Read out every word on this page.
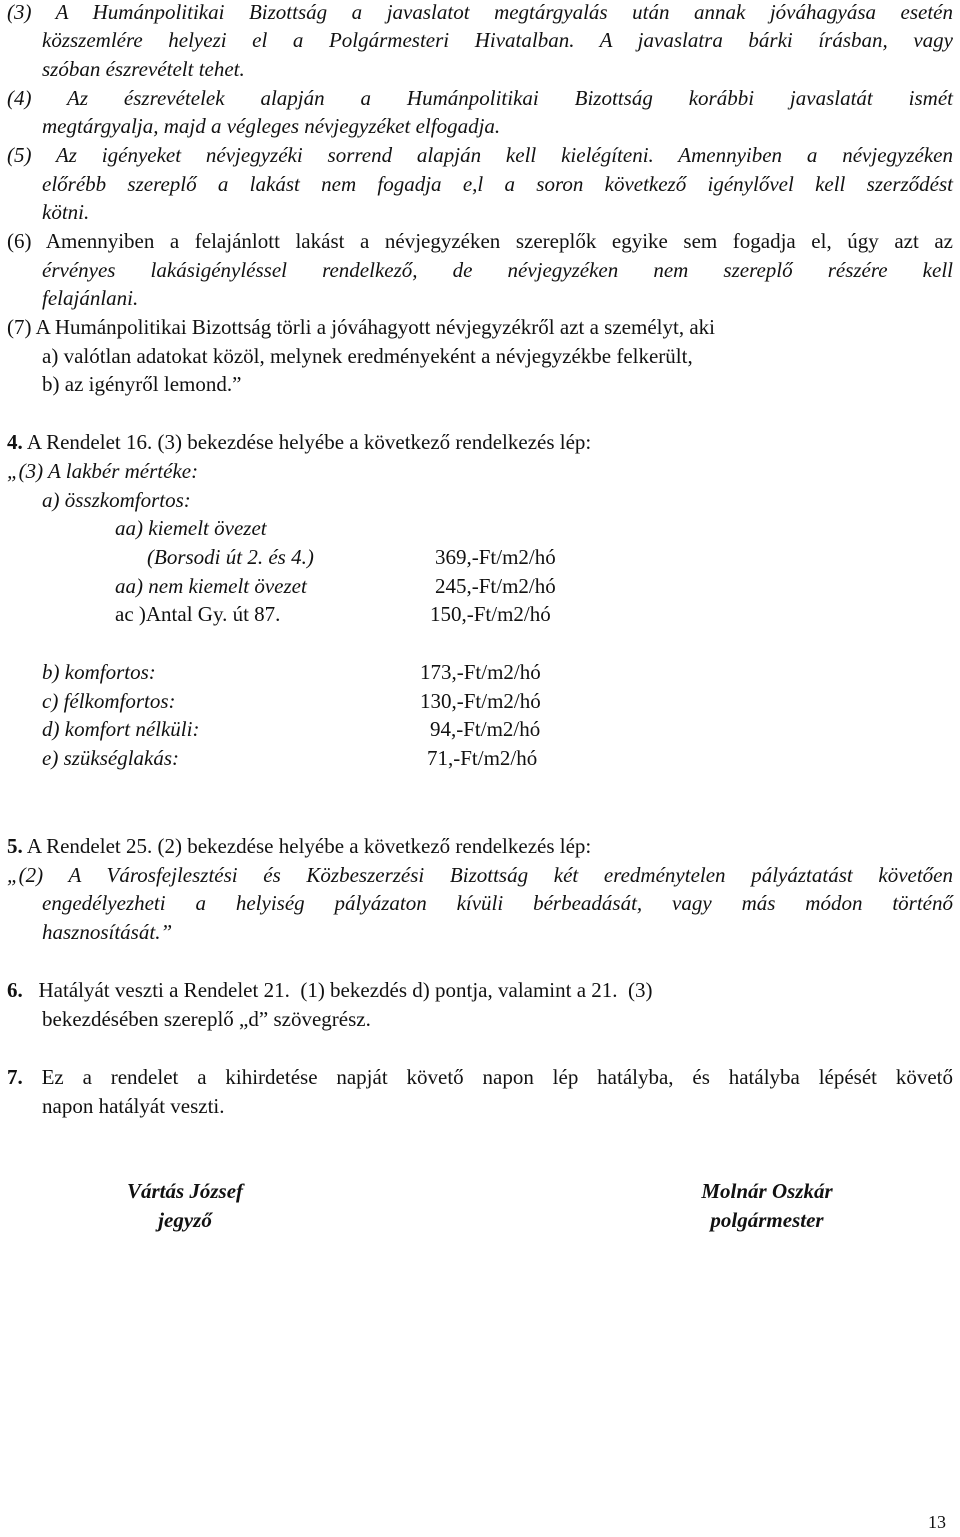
(3) A Humánpolitikai Bizottság a javaslatot megtárgyalás után annak jóváhagyása esetén
közszemlére helyezi el a Polgármesteri Hivatalban. A javaslatra bárki írásban, vagy
szóban észrevételt tehet.
(4) Az észrevételek alapján a Humánpolitikai Bizottság korábbi javaslatát ismét
megtárgyalja, majd a végleges névjegyzéket elfogadja.
(5) Az igényeket névjegyzéki sorrend alapján kell kielégíteni. Amennyiben a névjegyzéken
előrébb szereplő a lakást nem fogadja e,l a soron következő igénylővel kell szerződést
kötni.
(6) Amennyiben a felajánlott lakást a névjegyzéken szereplők egyike sem fogadja el, úgy azt az
érvényes lakásigényléssel rendelkező, de névjegyzéken nem szereplő részére kell
felajánlani.
(7) A Humánpolitikai Bizottság törli a jóváhagyott névjegyzékről azt a személyt, aki
a) valótlan adatokat közöl, melynek eredményeként a névjegyzékbe felkerült,
b) az igényről lemond.”
4. A Rendelet 16. (3) bekezdése helyébe a következő rendelkezés lép:
„(3) A lakbér mértéke:
a) összkomfortos:
aa) kiemelt övezet
(Borsodi út 2. és 4.)	369,-Ft/m2/hó
aa) nem kiemelt övezet	245,-Ft/m2/hó
ac )Antal Gy. út 87.	150,-Ft/m2/hó
b) komfortos:	173,-Ft/m2/hó
c) félkomfortos:	130,-Ft/m2/hó
d) komfort nélküli:	94,-Ft/m2/hó
e) szükséglakás:	71,-Ft/m2/hó
5. A Rendelet 25. (2) bekezdése helyébe a következő rendelkezés lép:
„(2) A Városfejlesztési és Közbeszerzési Bizottság két eredménytelen pályáztatást követően
engedélyezheti a helyiség pályázaton kívüli bérbeadását, vagy más módon történő
hasznosítását.”
6.   Hatályát veszti a Rendelet 21.  (1) bekezdés d) pontja, valamint a 21.  (3)
bekezdésében szereplő „d” szövegrész.
7. Ez a rendelet a kihirdetése napját követő napon lép hatályba, és hatályba lépését követő
napon hatályát veszti.
Vártás József
jegyző
Molnár Oszkár
polgármester
13
